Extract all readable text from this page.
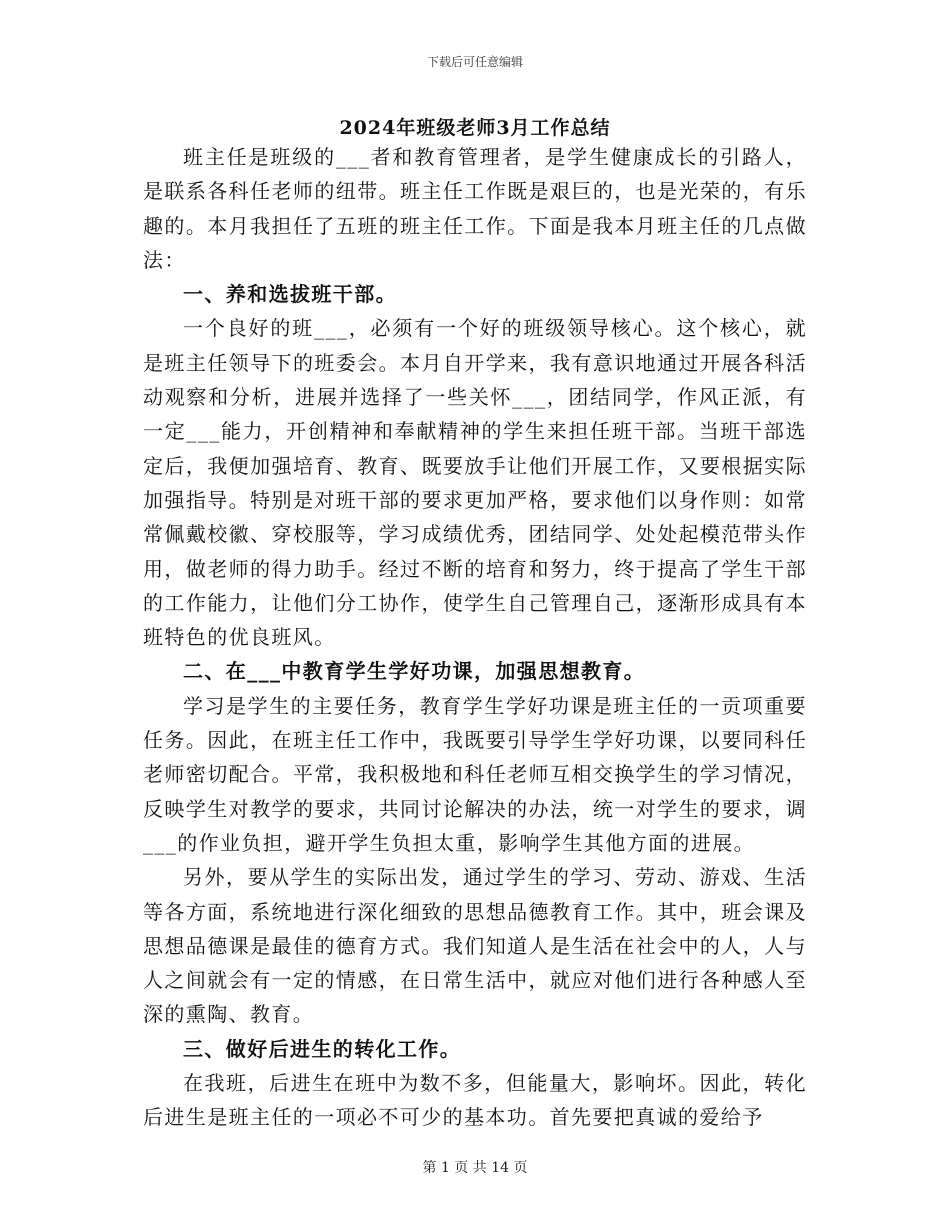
下载后可任意编辑
2024年班级老师3月工作总结

班主任是班级的___者和教育管理者，是学生健康成长的引路人，是联系各科任老师的纽带。班主任工作既是艰巨的，也是光荣的，有乐趣的。本月我担任了五班的班主任工作。下面是我本月班主任的几点做法：

一、养和选拔班干部。

一个良好的班___，必须有一个好的班级领导核心。这个核心，就是班主任领导下的班委会。本月自开学来，我有意识地通过开展各科活动观察和分析，进展并选择了一些关怀___，团结同学，作风正派，有一定___能力，开创精神和奉献精神的学生来担任班干部。当班干部选定后，我便加强培育、教育、既要放手让他们开展工作，又要根据实际加强指导。特别是对班干部的要求更加严格，要求他们以身作则：如常常佩戴校徽、穿校服等，学习成绩优秀，团结同学、处处起模范带头作用，做老师的得力助手。经过不断的培育和努力，终于提高了学生干部的工作能力，让他们分工协作，使学生自己管理自己，逐渐形成具有本班特色的优良班风。

二、在___中教育学生学好功课，加强思想教育。

学习是学生的主要任务，教育学生学好功课是班主任的一贡项重要任务。因此，在班主任工作中，我既要引导学生学好功课，以要同科任老师密切配合。平常，我积极地和科任老师互相交换学生的学习情况，反映学生对教学的要求，共同讨论解决的办法，统一对学生的要求，调___的作业负担，避开学生负担太重，影响学生其他方面的进展。

另外，要从学生的实际出发，通过学生的学习、劳动、游戏、生活等各方面，系统地进行深化细致的思想品德教育工作。其中，班会课及思想品德课是最佳的德育方式。我们知道人是生活在社会中的人，人与人之间就会有一定的情感，在日常生活中，就应对他们进行各种感人至深的熏陶、教育。

三、做好后进生的转化工作。

在我班，后进生在班中为数不多，但能量大，影响坏。因此，转化后进生是班主任的一项必不可少的基本功。首先要把真诚的爱给予

第 1 页 共 14 页
